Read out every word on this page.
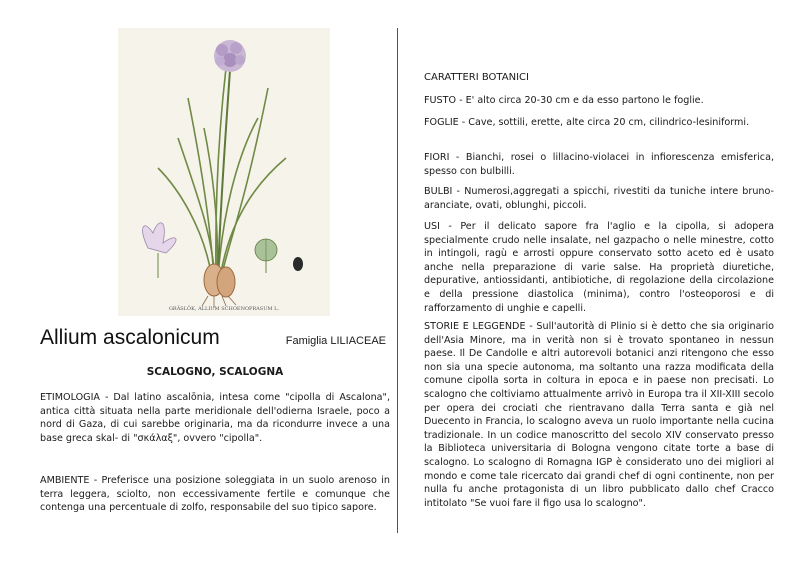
GRÄSLÖK, ALLIUM SCHOENOPRASUM L.
Allium ascalonicum	Famiglia LILIACEAE
SCALOGNO, SCALOGNA

ETIMOLOGIA - Dal latino ascalōnia, intesa come "cipolla di Ascalona", antica città situata nella parte meridionale dell'odierna Israele, poco a nord di Gaza, di cui sarebbe originaria, ma da ricondurre invece a una base greca skal- di "σκάλαξ", ovvero "cipolla".

AMBIENTE - Preferisce una posizione soleggiata in un suolo arenoso in terra leggera, sciolto, non eccessivamente fertile e comunque che contenga una percentuale di zolfo, responsabile del suo tipico sapore.

CARATTERI BOTANICI

FUSTO - E' alto circa 20-30 cm e da esso partono le foglie.

FOGLIE - Cave, sottili, erette, alte circa 20 cm, cilindrico-lesiniformi.

FIORI - Bianchi, rosei o lillacino-violacei in infiorescenza emisferica, spesso con bulbilli.

BULBI - Numerosi,aggregati a spicchi, rivestiti da tuniche intere bruno-aranciate, ovati, oblunghi, piccoli.

USI - Per il delicato sapore fra l'aglio e la cipolla, si adopera specialmente crudo nelle insalate, nel gazpacho o nelle minestre, cotto in intingoli, ragù e arrosti oppure conservato sotto aceto ed è usato anche nella preparazione di varie salse. Ha proprietà diuretiche, depurative, antiossidanti, antibiotiche, di regolazione della circolazione e della pressione diastolica (minima), contro l'osteoporosi e di rafforzamento di unghie e capelli.

STORIE E LEGGENDE - Sull'autorità di Plinio si è detto che sia originario dell'Asia Minore, ma in verità non si è trovato spontaneo in nessun paese. Il De Candolle e altri autorevoli botanici anzi ritengono che esso non sia una specie autonoma, ma soltanto una razza modificata della comune cipolla sorta in coltura in epoca e in paese non precisati. Lo scalogno che coltiviamo attualmente arrivò in Europa tra il XII-XIII secolo per opera dei crociati che rientravano dalla Terra santa e già nel Duecento in Francia, lo scalogno aveva un ruolo importante nella cucina tradizionale. In un codice manoscritto del secolo XIV conservato presso la Biblioteca universitaria di Bologna vengono citate torte a base di scalogno. Lo scalogno di Romagna IGP è considerato uno dei migliori al mondo e come tale ricercato dai grandi chef di ogni continente, non per nulla fu anche protagonista di un libro pubblicato dallo chef Cracco intitolato "Se vuoi fare il figo usa lo scalogno".
